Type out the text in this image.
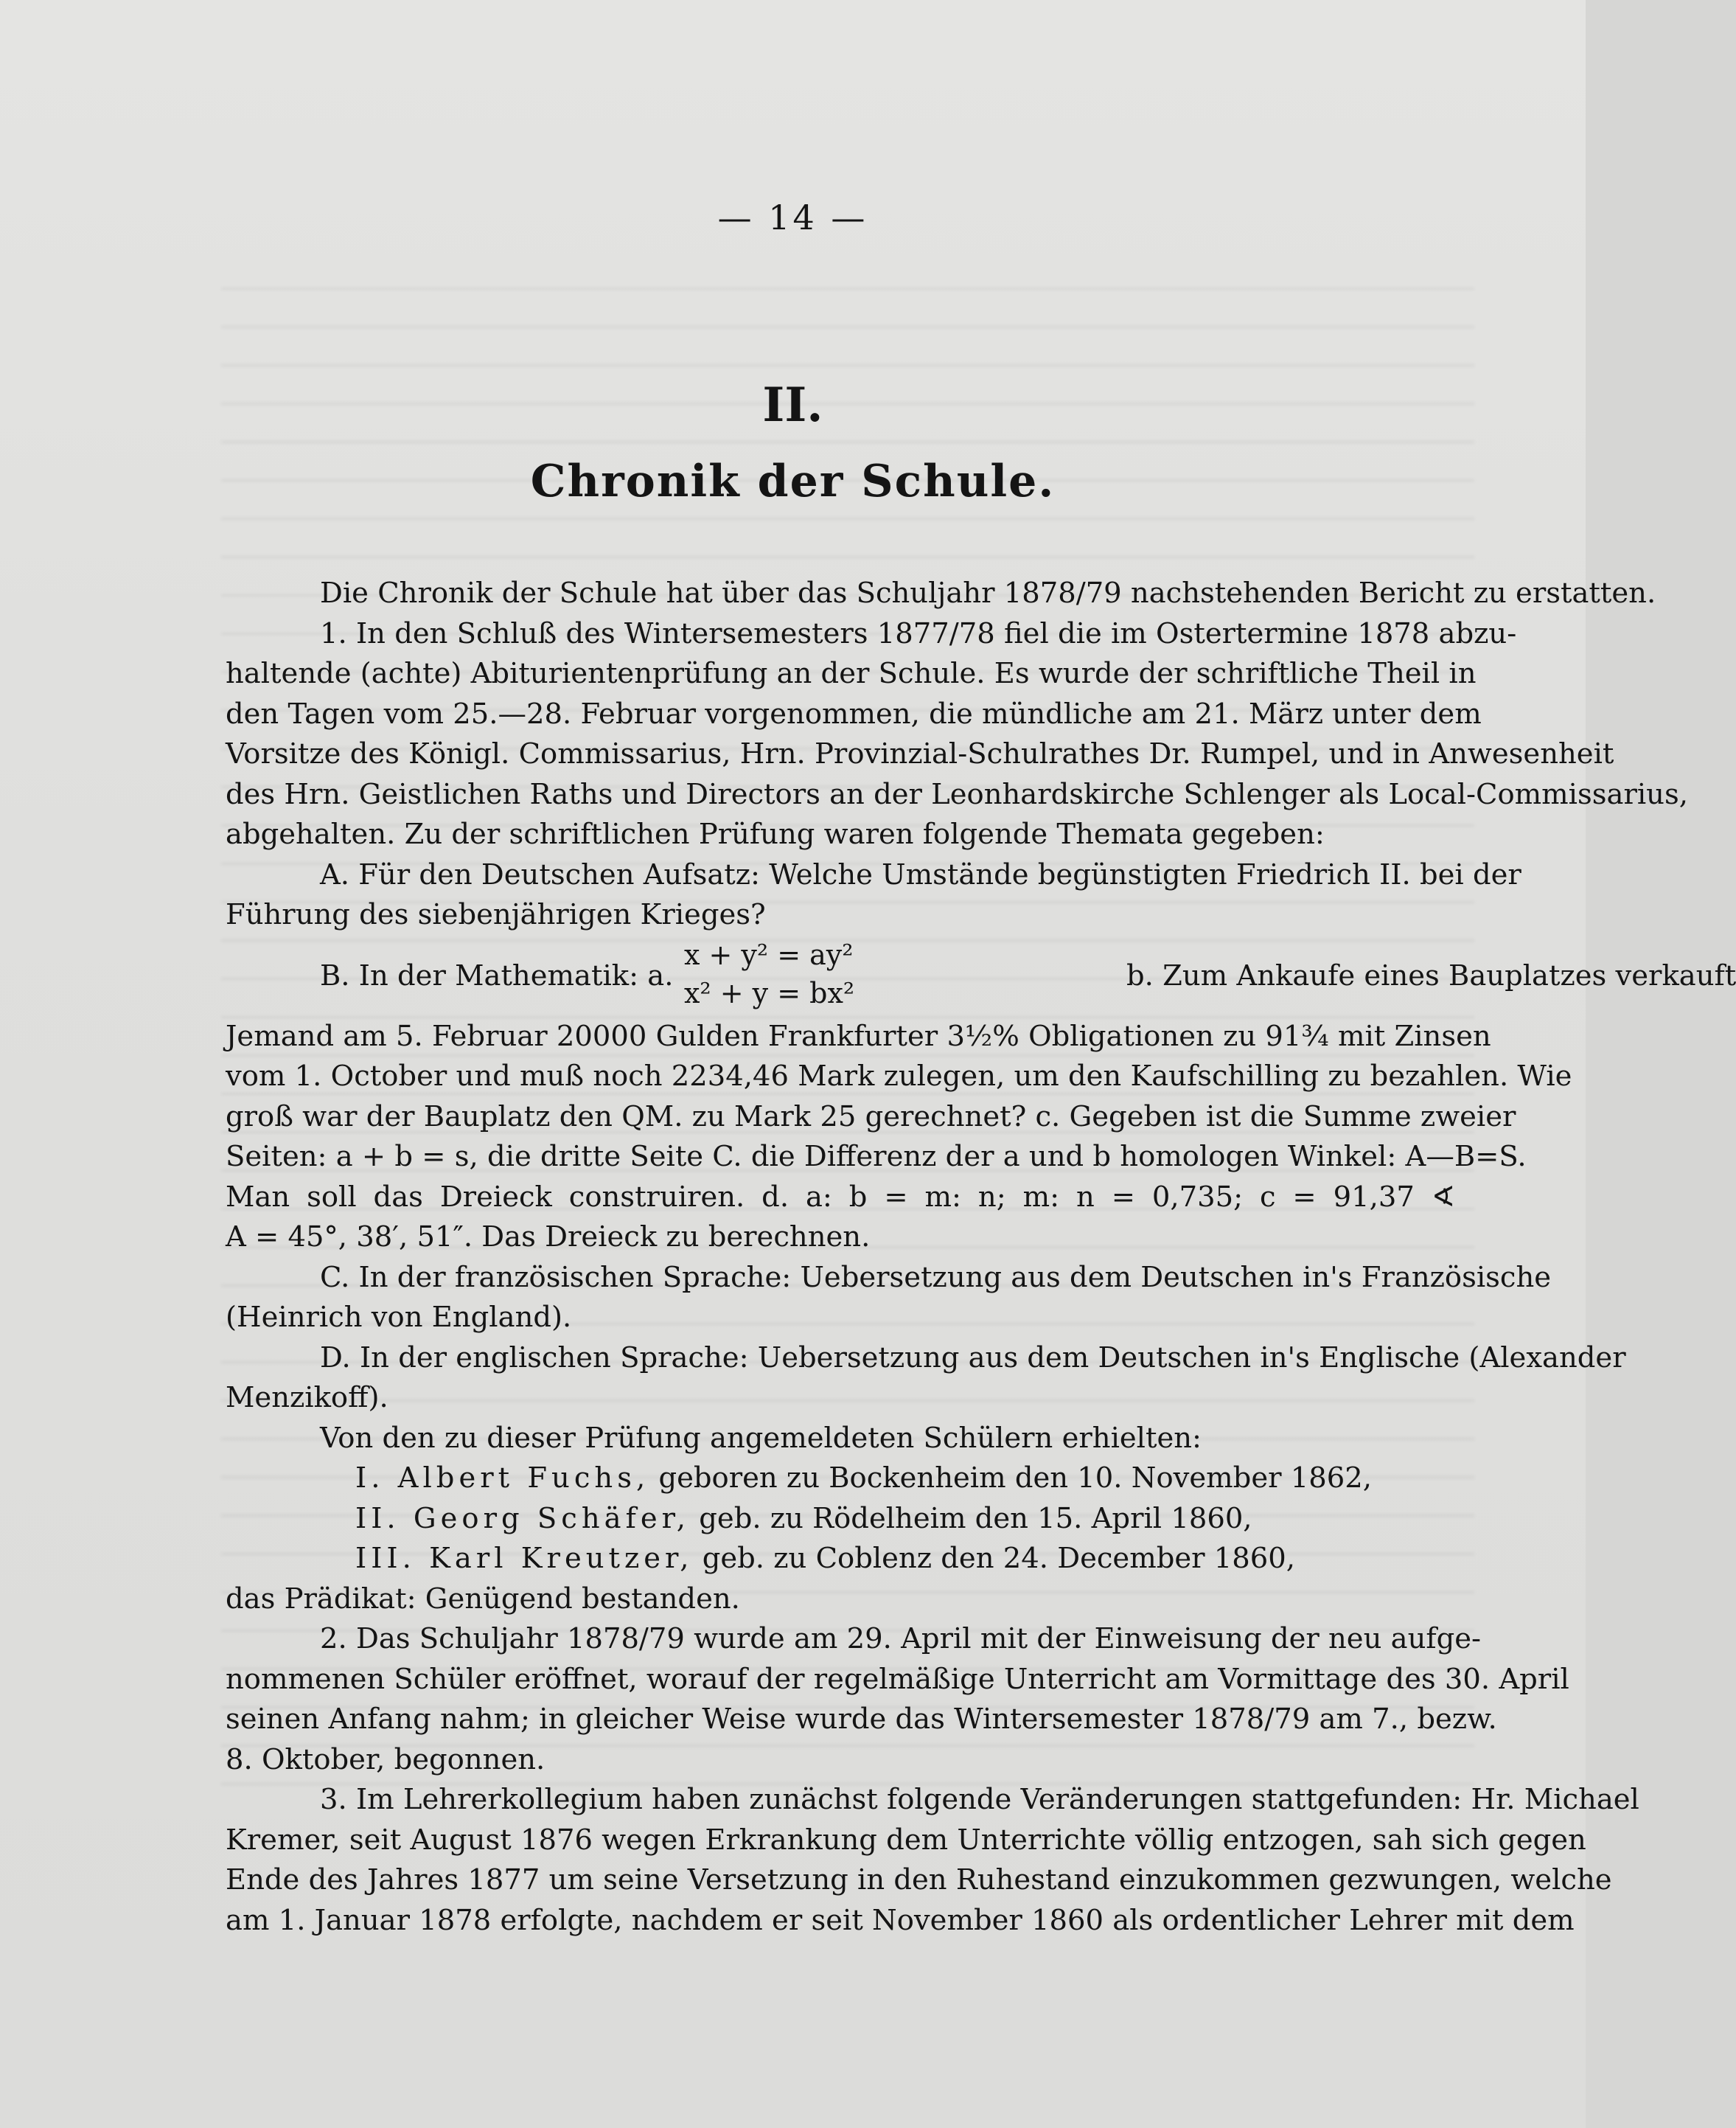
— 14 —
II.
Chronik der Schule.
Die Chronik der Schule hat über das Schuljahr 1878/79 nachstehenden Bericht zu erstatten.
1. In den Schluß des Wintersemesters 1877/78 fiel die im Ostertermine 1878 abzu-
haltende (achte) Abiturientenprüfung an der Schule. Es wurde der schriftliche Theil in
den Tagen vom 25.—28. Februar vorgenommen, die mündliche am 21. März unter dem
Vorsitze des Königl. Commissarius, Hrn. Provinzial-Schulrathes Dr. Rumpel, und in Anwesenheit
des Hrn. Geistlichen Raths und Directors an der Leonhardskirche Schlenger als Local-Commissarius,
abgehalten. Zu der schriftlichen Prüfung waren folgende Themata gegeben:
A. Für den Deutschen Aufsatz: Welche Umstände begünstigten Friedrich II. bei der
Führung des siebenjährigen Krieges?
B. In der Mathematik: a.
x + y² = ay²
x² + y = bx²
b. Zum Ankaufe eines Bauplatzes verkauft
Jemand am 5. Februar 20000 Gulden Frankfurter 3½% Obligationen zu 91¾ mit Zinsen
vom 1. October und muß noch 2234,46 Mark zulegen, um den Kaufschilling zu bezahlen. Wie
groß war der Bauplatz den QM. zu Mark 25 gerechnet? c. Gegeben ist die Summe zweier
Seiten: a + b = s, die dritte Seite C. die Differenz der a und b homologen Winkel: A—B=S.
Man soll das Dreieck construiren. d. a: b = m: n; m: n = 0,735; c = 91,37 ∢
A = 45°, 38′, 51″. Das Dreieck zu berechnen.
C. In der französischen Sprache: Uebersetzung aus dem Deutschen in's Französische
(Heinrich von England).
D. In der englischen Sprache: Uebersetzung aus dem Deutschen in's Englische (Alexander
Menzikoff).
Von den zu dieser Prüfung angemeldeten Schülern erhielten:
I. Albert Fuchs, geboren zu Bockenheim den 10. November 1862,
II. Georg Schäfer, geb. zu Rödelheim den 15. April 1860,
III. Karl Kreutzer, geb. zu Coblenz den 24. December 1860,
das Prädikat: Genügend bestanden.
2. Das Schuljahr 1878/79 wurde am 29. April mit der Einweisung der neu aufge-
nommenen Schüler eröffnet, worauf der regelmäßige Unterricht am Vormittage des 30. April
seinen Anfang nahm; in gleicher Weise wurde das Wintersemester 1878/79 am 7., bezw.
8. Oktober, begonnen.
3. Im Lehrerkollegium haben zunächst folgende Veränderungen stattgefunden: Hr. Michael
Kremer, seit August 1876 wegen Erkrankung dem Unterrichte völlig entzogen, sah sich gegen
Ende des Jahres 1877 um seine Versetzung in den Ruhestand einzukommen gezwungen, welche
am 1. Januar 1878 erfolgte, nachdem er seit November 1860 als ordentlicher Lehrer mit dem
